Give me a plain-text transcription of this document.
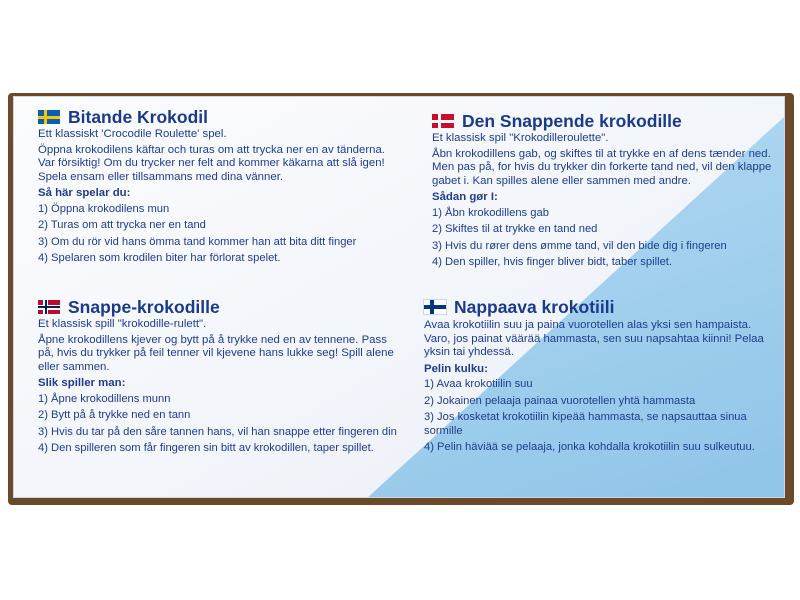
Bitande Krokodil

Ett klassiskt 'Crocodile Roulette' spel.

Öppna krokodilens käftar och turas om att trycka ner en av tänderna. Var försiktig! Om du trycker ner felt and kommer käkarna att slå igen! Spela ensam eller tillsammans med dina vänner.

Så här spelar du:

1) Öppna krokodilens mun
2) Turas om att trycka ner en tand
3) Om du rör vid hans ömma tand kommer han att bita ditt finger
4) Spelaren som krodilen biter har förlorat spelet.
Den Snappende krokodille

Et klassisk spil "Krokodilleroulette".

Åbn krokodillens gab, og skiftes til at trykke en af dens tænder ned. Men pas på, for hvis du trykker din forkerte tand ned, vil den klappe gabet i. Kan spilles alene eller sammen med andre.

Sådan gør I:

1) Åbn krokodillens gab
2) Skiftes til at trykke en tand ned
3) Hvis du rører dens ømme tand, vil den bide dig i fingeren
4) Den spiller, hvis finger bliver bidt, taber spillet.
Snappe-krokodille

Et klassisk spill "krokodille-rulett".

Åpne krokodillens kjever og bytt på å trykke ned en av tennene. Pass på, hvis du trykker på feil tenner vil kjevene hans lukke seg! Spill alene eller sammen.

Slik spiller man:

1) Åpne krokodillens munn
2) Bytt på å trykke ned en tann
3) Hvis du tar på den såre tannen hans, vil han snappe etter fingeren din
4) Den spilleren som får fingeren sin bitt av krokodillen, taper spillet.
Nappaava krokotiili

Avaa krokotiilin suu ja paina vuorotellen alas yksi sen hampaista. Varo, jos painat väärää hammasta, sen suu napsahtaa kiinni! Pelaa yksin tai yhdessä.

Pelin kulku:

1) Avaa krokotiilin suu
2) Jokainen pelaaja painaa vuorotellen yhtä hammasta
3) Jos kosketat krokotiilin kipeää hammasta, se napsauttaa sinua sormille
4) Pelin häviää se pelaaja, jonka kohdalla krokotiilin suu sulkeutuu.
